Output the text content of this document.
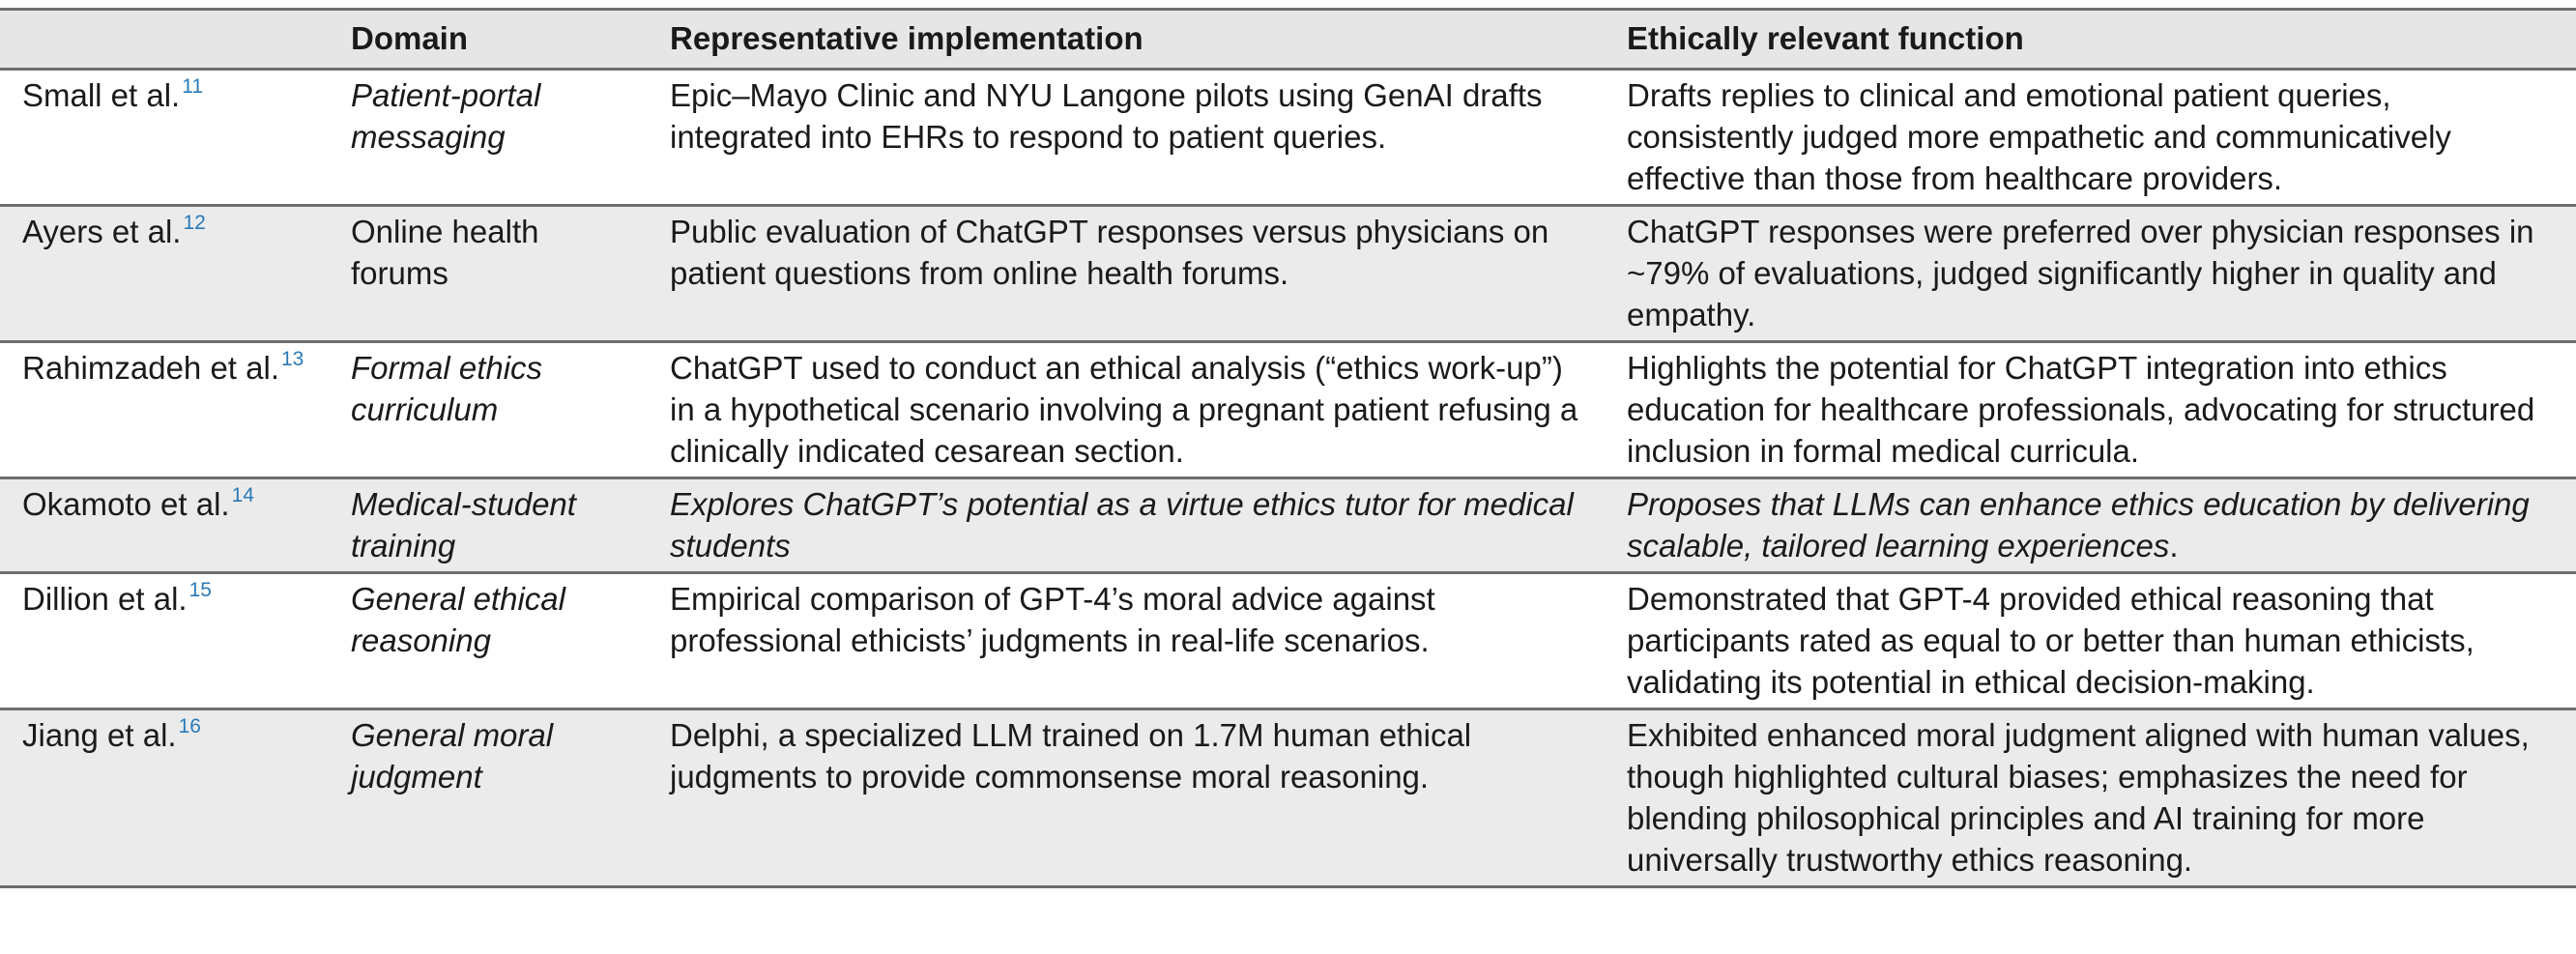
	Domain	Representative implementation	Ethically relevant function
Small et al.$^{11}$	Patient-portal messaging	Epic–Mayo Clinic and NYU Langone pilots using GenAI drafts integrated into EHRs to respond to patient queries.	Drafts replies to clinical and emotional patient queries, consistently judged more empathetic and communicatively effective than those from healthcare providers.
Ayers et al.$^{12}$	Online health forums	Public evaluation of ChatGPT responses versus physicians on patient questions from online health forums.	ChatGPT responses were preferred over physician responses in ~79% of evaluations, judged significantly higher in quality and empathy.
Rahimzadeh et al.$^{13}$	Formal ethics curriculum	ChatGPT used to conduct an ethical analysis (“ethics work-up”) in a hypothetical scenario involving a pregnant patient refusing a clinically indicated cesarean section.	Highlights the potential for ChatGPT integration into ethics education for healthcare professionals, advocating for structured inclusion in formal medical curricula.
Okamoto et al.$^{14}$	Medical-student training	Explores ChatGPT’s potential as a virtue ethics tutor for medical students	Proposes that LLMs can enhance ethics education by delivering scalable, tailored learning experiences.
Dillion et al.$^{15}$	General ethical reasoning	Empirical comparison of GPT-4’s moral advice against professional ethicists’ judgments in real-life scenarios.	Demonstrated that GPT-4 provided ethical reasoning that participants rated as equal to or better than human ethicists, validating its potential in ethical decision-making.
Jiang et al.$^{16}$	General moral judgment	Delphi, a specialized LLM trained on 1.7M human ethical judgments to provide commonsense moral reasoning.	Exhibited enhanced moral judgment aligned with human values, though highlighted cultural biases; emphasizes the need for blending philosophical principles and AI training for more universally trustworthy ethics reasoning.
